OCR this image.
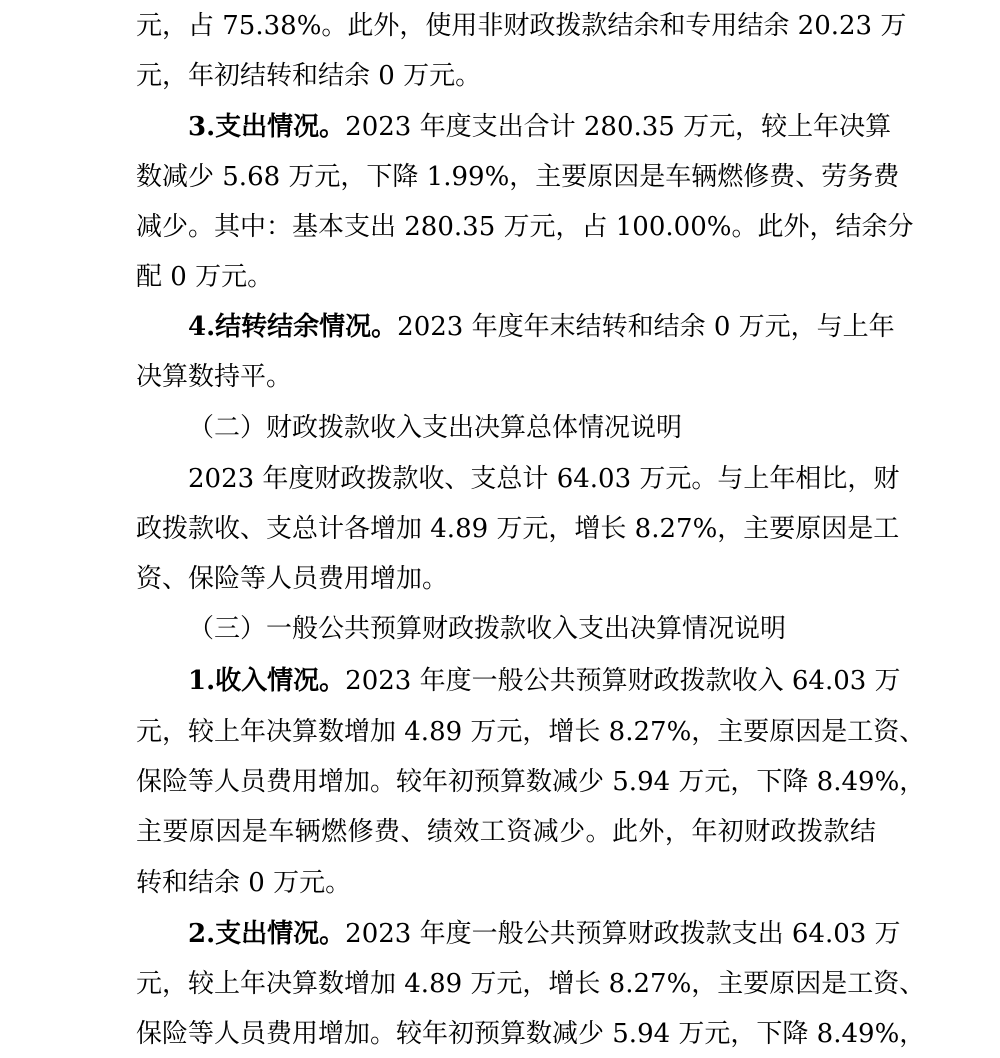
元，占 75.38%。此外，使用非财政拨款结余和专用结余 20.23 万
元，年初结转和结余 0 万元。
3.支出情况。2023 年度支出合计 280.35 万元，较上年决算
数减少 5.68 万元，下降 1.99%，主要原因是车辆燃修费、劳务费
减少。其中：基本支出 280.35 万元，占 100.00%。此外，结余分
配 0 万元。
4.结转结余情况。2023 年度年末结转和结余 0 万元，与上年
决算数持平。
（二）财政拨款收入支出决算总体情况说明
2023 年度财政拨款收、支总计 64.03 万元。与上年相比，财
政拨款收、支总计各增加 4.89 万元，增长 8.27%，主要原因是工
资、保险等人员费用增加。
（三）一般公共预算财政拨款收入支出决算情况说明
1.收入情况。2023 年度一般公共预算财政拨款收入 64.03 万
元，较上年决算数增加 4.89 万元，增长 8.27%，主要原因是工资、
保险等人员费用增加。较年初预算数减少 5.94 万元，下降 8.49%，
主要原因是车辆燃修费、绩效工资减少。此外，年初财政拨款结
转和结余 0 万元。
2.支出情况。2023 年度一般公共预算财政拨款支出 64.03 万
元，较上年决算数增加 4.89 万元，增长 8.27%，主要原因是工资、
保险等人员费用增加。较年初预算数减少 5.94 万元，下降 8.49%，
